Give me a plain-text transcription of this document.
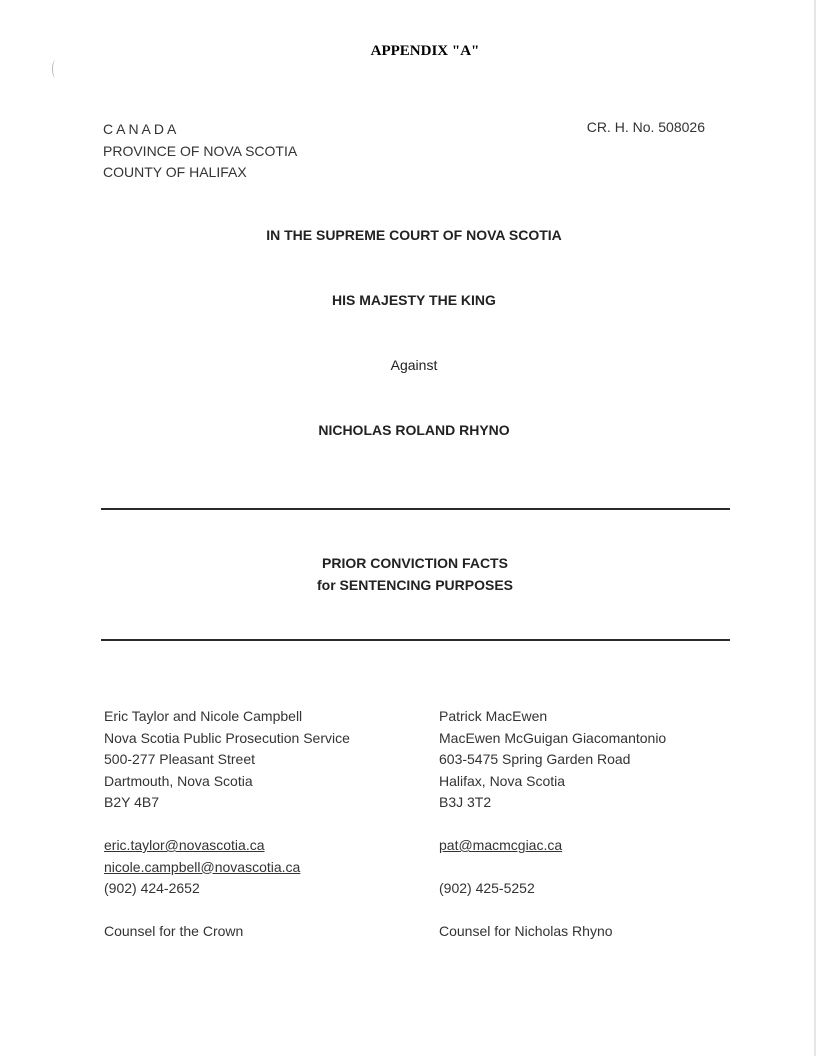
APPENDIX "A"
CANADA
PROVINCE OF NOVA SCOTIA
COUNTY OF HALIFAX
CR. H. No. 508026
IN THE SUPREME COURT OF NOVA SCOTIA
HIS MAJESTY THE KING
Against
NICHOLAS ROLAND RHYNO
PRIOR CONVICTION FACTS
for SENTENCING PURPOSES
Eric Taylor and Nicole Campbell
Nova Scotia Public Prosecution Service
500-277 Pleasant Street
Dartmouth, Nova Scotia
B2Y 4B7
eric.taylor@novascotia.ca
nicole.campbell@novascotia.ca
(902) 424-2652
Counsel for the Crown
Patrick MacEwen
MacEwen McGuigan Giacomantonio
603-5475 Spring Garden Road
Halifax, Nova Scotia
B3J 3T2
pat@macmcgiac.ca
(902) 425-5252
Counsel for Nicholas Rhyno
